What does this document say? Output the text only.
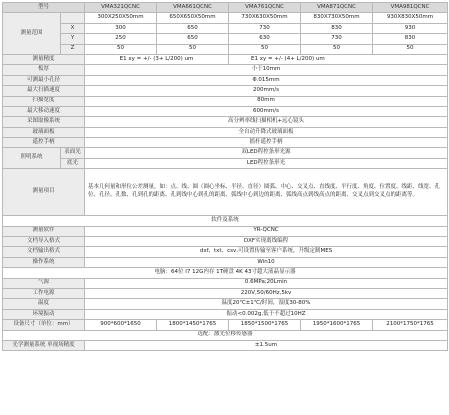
型号		VMA321QCNC	VMA661QCNC	VMA761QCNC	VMA871QCNC	VMA981QCNC
测量范围		300X250X50mm	650X650X50mm	730X630X50mm	830X730X50mm	930X830X50mm
	X	300	650	730	830	930
	Y	250	650	630	730	830
	Z	50	50	50	50	50
测量精度		E1 xy = +/- (3+ L/200) um		E1 xy = +/- (4+ L/200) um		
板厚		小于10mm				
可测最小孔径		Φ.015mm				
最大扫描速度		200mm/s				
扫描宽度		80mm				
最大移动速度		600mm/s				
采图取像系统		高分辨率线扫描相机+远心镜头				
玻璃面板		全自动升降式玻璃面板				
遥控手柄		摇杆遥控手柄				
照明系统	表面光	双LED程控条形光源				
	底光	LED程控条形光				
测量项目		基本几何量和形位公差测量，如：点、线、圆（圆心坐标、半径、直径）圆弧、中心、交叉点、直线度、平行度、角度、位置度、线距、线宽、孔位、孔径、孔数、孔到孔的距离、孔到线中心到孔的距离、弧线中心到边的距离、弧线高点到线高点的距离、交叉点到交叉点的距离等。				
软件及系统						
测量软件		YR-QCNC				
文档导入格式		DXF实现离线编程				
文档输出格式		dxf、txt、csv,可设置传输至客户系统，升级定制MES				
操作系统		Win10				
电脑：64位 I7 12G内存 1T硬盘 4K 43寸超大液晶显示器						
气源		0.6MPa;20Lmin				
工作电源		220V,50/60Hz,5kv				
温度		温度20℃±1℃/时间，湿度30-80%				
环境振动		振动<0.002g,低于不超过10HZ				
设备尺寸（单位：mm）		900*600*1650	1800*1450*1765	1850*1500*1765	1950*1600*1765	2100*1750*1765
选配：激光位移传感器						
光学测量系统 单视场精度		±1.5um				
